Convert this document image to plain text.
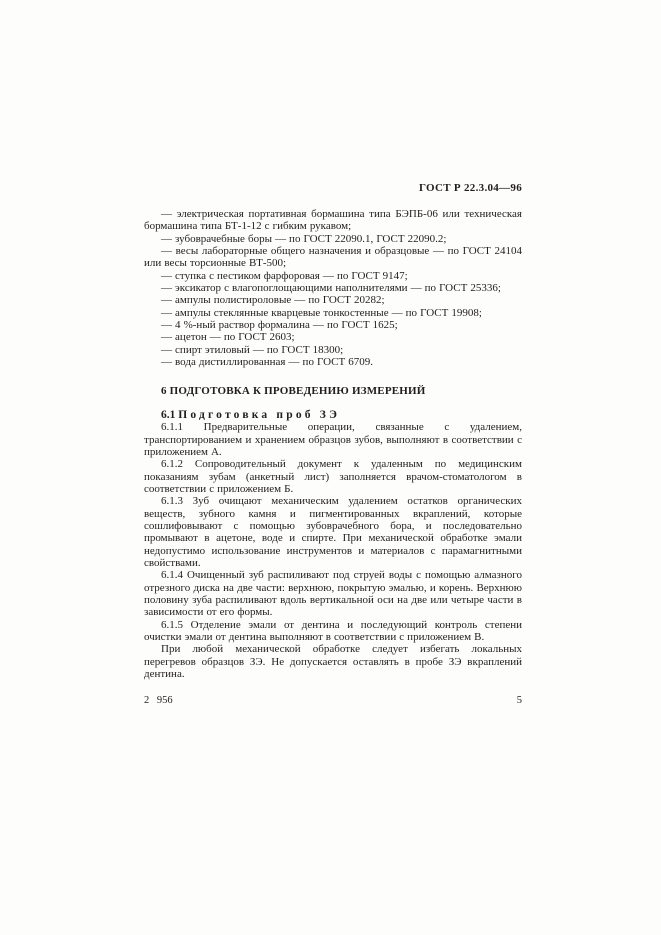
ГОСТ Р 22.3.04—96

— электрическая портативная бормашина типа БЭПБ-06 или техническая бормашина типа БТ-1-12 с гибким рукавом;

— зубоврачебные боры — по ГОСТ 22090.1, ГОСТ 22090.2;

— весы лабораторные общего назначения и образцовые — по ГОСТ 24104 или весы торсионные ВТ-500;

— ступка с пестиком фарфоровая — по ГОСТ 9147;

— эксикатор с влагопоглощающими наполнителями — по ГОСТ 25336;

— ампулы полистироловые — по ГОСТ 20282;

— ампулы стеклянные кварцевые тонкостенные — по ГОСТ 19908;

— 4 %-ный раствор формалина — по ГОСТ 1625;

— ацетон — по ГОСТ 2603;

— спирт этиловый — по ГОСТ 18300;

— вода дистиллированная — по ГОСТ 6709.

6 ПОДГОТОВКА К ПРОВЕДЕНИЮ ИЗМЕРЕНИЙ
6.1 Подготовка проб ЗЭ

6.1.1 Предварительные операции, связанные с удалением, транспортированием и хранением образцов зубов, выполняют в соответствии с приложением А.

6.1.2 Сопроводительный документ к удаленным по медицинским показаниям зубам (анкетный лист) заполняется врачом-стоматологом в соответствии с приложением Б.

6.1.3 Зуб очищают механическим удалением остатков органических веществ, зубного камня и пигментированных вкраплений, которые сошлифовывают с помощью зубоврачебного бора, и последовательно промывают в ацетоне, воде и спирте. При механической обработке эмали недопустимо использование инструментов и материалов с парамагнитными свойствами.

6.1.4 Очищенный зуб распиливают под струей воды с помощью алмазного отрезного диска на две части: верхнюю, покрытую эмалью, и корень. Верхнюю половину зуба распиливают вдоль вертикальной оси на две или четыре части в зависимости от его формы.

6.1.5 Отделение эмали от дентина и последующий контроль степени очистки эмали от дентина выполняют в соответствии с приложением В.

При любой механической обработке следует избегать локальных перегревов образцов ЗЭ. Не допускается оставлять в пробе ЗЭ вкраплений дентина.

2 956	5
